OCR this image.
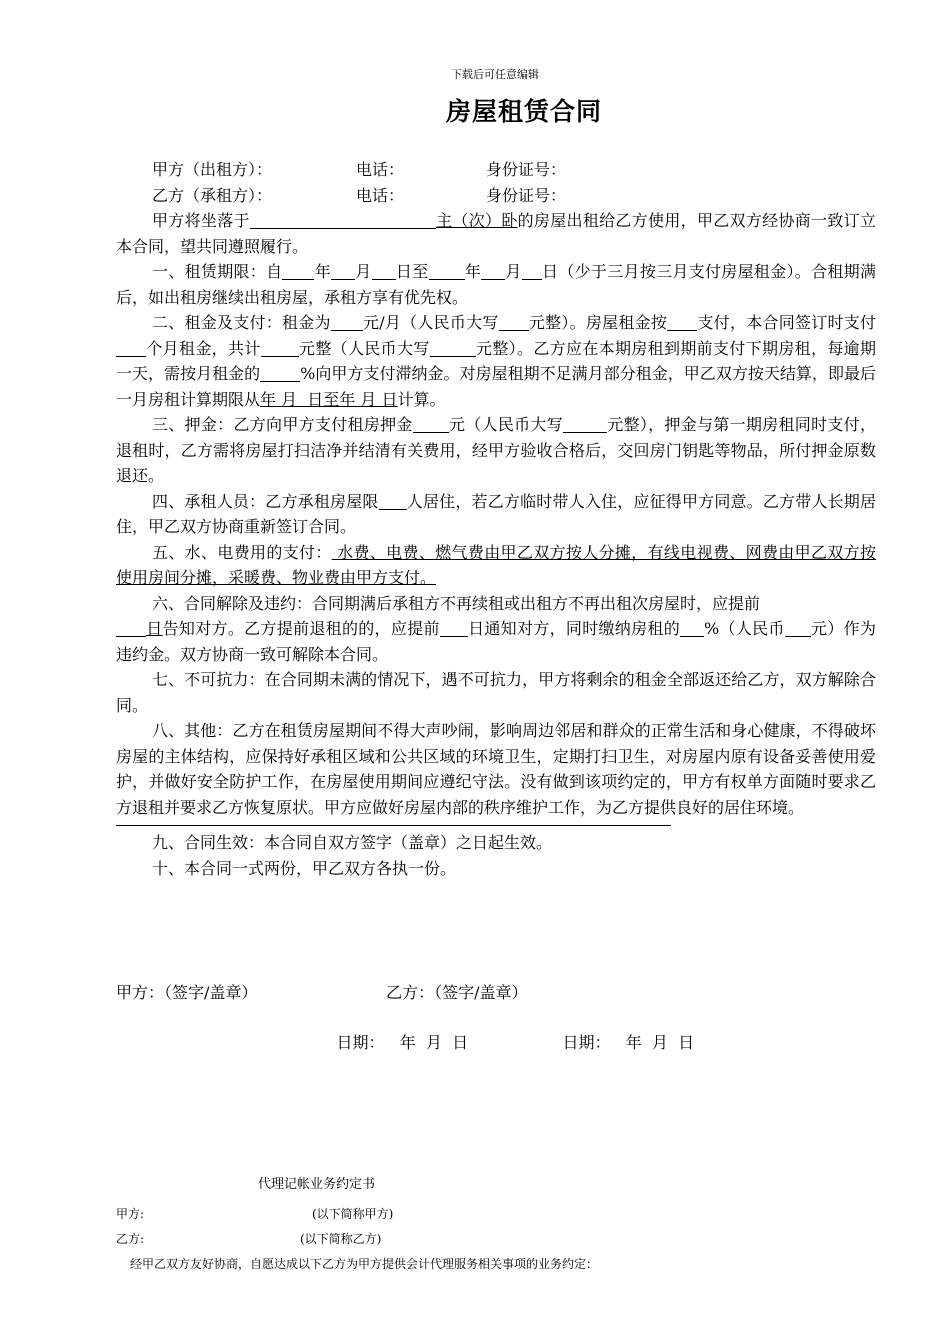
下载后可任意编辑
房屋租赁合同
甲方（出租方）：	电话：	身份证号：
乙方（承租方）：	电话：	身份证号：

甲方将坐落于	主（次）卧的房屋出租给乙方使用，甲乙双方经协商一致订立本合同，望共同遵照履行。

一、租赁期限：自 年 月 日至 年 月 日（少于三月按三月支付房屋租金）。合租期满后，如出租房继续出租房屋，承租方享有优先权。

二、租金及支付：租金为 元/月（人民币大写 元整）。房屋租金按 支付，本合同签订时支付个月租金，共计 元整（人民币大写	元整）。乙方应在本期房租到期前支付下期房租，每逾期一天，需按月租金的	%向甲方支付滞纳金。对房屋租期不足满月部分租金，甲乙双方按天结算，即最后一月房租计算期限从年 月  日至年 月 日计算。

三、押金：乙方向甲方支付租房押金 元（人民币大写	元整），押金与第一期房租同时支付，退租时，乙方需将房屋打扫洁净并结清有关费用，经甲方验收合格后，交回房门钥匙等物品，所付押金原数退还。

四、承租人员：乙方承租房屋限 人居住，若乙方临时带人入住，应征得甲方同意。乙方带人长期居住，甲乙双方协商重新签订合同。

五、水、电费用的支付： 水费、电费、燃气费由甲乙双方按人分摊，有线电视费、网费由甲乙双方按使用房间分摊，采暖费、物业费由甲方支付。

六、合同解除及违约：合同期满后承租方不再续租或出租方不再出租次房屋时，应提前

日告知对方。乙方提前退租的的，应提前 日通知对方，同时缴纳房租的 %（人民币 元）作为违约金。双方协商一致可解除本合同。

七、不可抗力：在合同期未满的情况下，遇不可抗力，甲方将剩余的租金全部返还给乙方，双方解除合同。

八、其他：乙方在租赁房屋期间不得大声吵闹，影响周边邻居和群众的正常生活和身心健康，不得破坏房屋的主体结构，应保持好承租区域和公共区域的环境卫生，定期打扫卫生，对房屋内原有设备妥善使用爱护，并做好安全防护工作，在房屋使用期间应遵纪守法。没有做到该项约定的，甲方有权单方面随时要求乙方退租并要求乙方恢复原状。甲方应做好房屋内部的秩序维护工作，为乙方提供良好的居住环境。

九、合同生效：本合同自双方签字（盖章）之日起生效。

十、本合同一式两份，甲乙双方各执一份。

甲方：（签字/盖章）	乙方：（签字/盖章）

日期：   年  月  日	日期：   年  月  日

代理记帐业务约定书
甲方:	(以下简称甲方)
乙方:	(以下简称乙方)
经甲乙双方友好协商，自愿达成以下乙方为甲方提供会计代理服务相关事项的业务约定：
